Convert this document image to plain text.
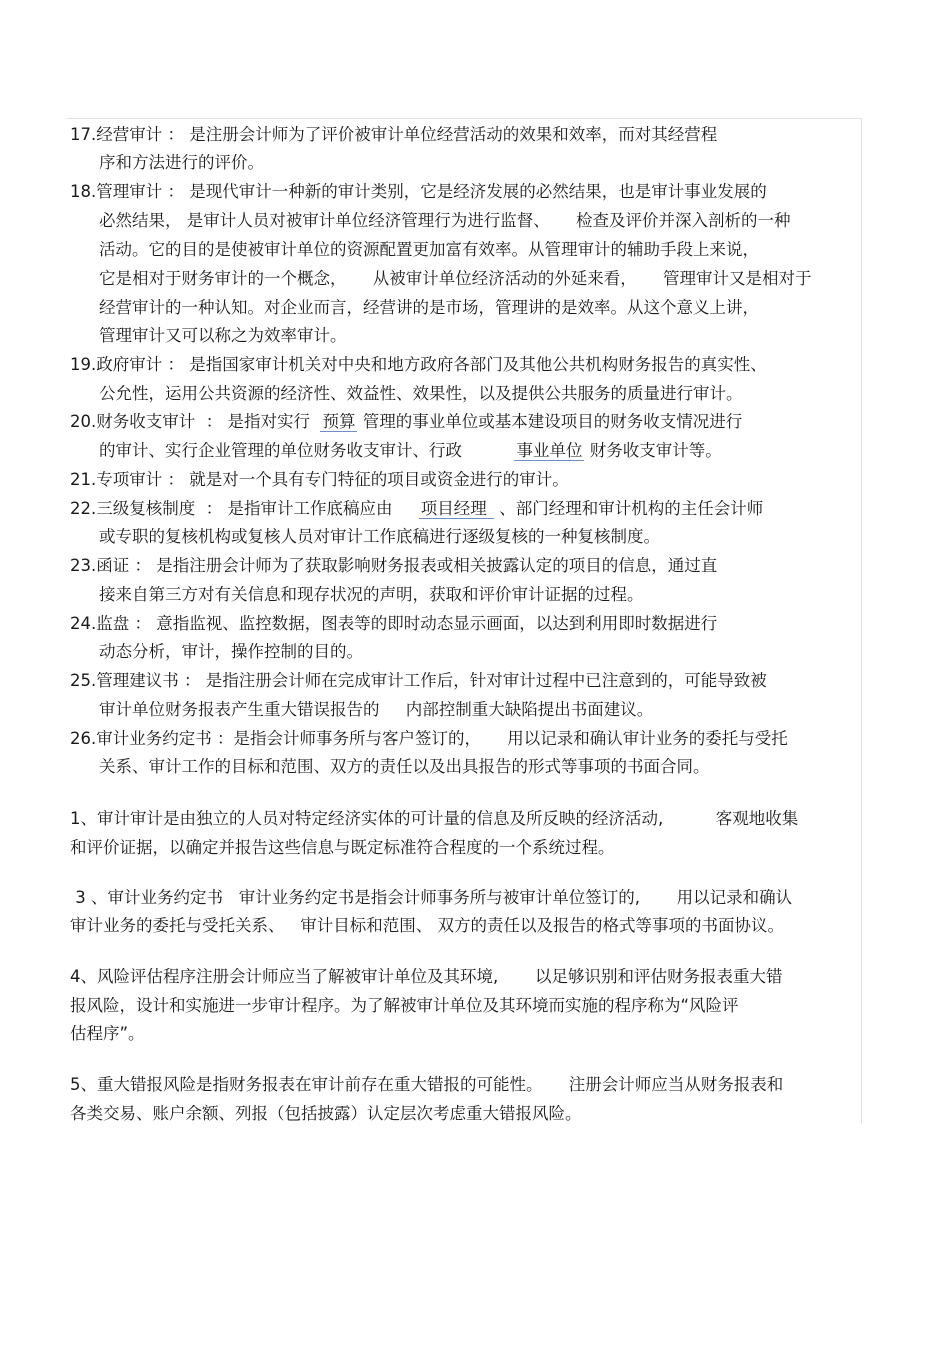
17.经营审计 ： 是注册会计师为了评价被审计单位经营活动的效果和效率，而对其经营程
序和方法进行的评价。
18.管理审计 ： 是现代审计一种新的审计类别，它是经济发展的必然结果，也是审计事业发展的
必然结果， 是审计人员对被审计单位经济管理行为进行监督、     检查及评价并深入剖析的一种
活动。它的目的是使被审计单位的资源配置更加富有效率。从管理审计的辅助手段上来说，
它是相对于财务审计的一个概念，     从被审计单位经济活动的外延来看，     管理审计又是相对于
经营审计的一种认知。对企业而言，经营讲的是市场，管理讲的是效率。从这个意义上讲，
管理审计又可以称之为效率审计。
19.政府审计 ： 是指国家审计机关对中央和地方政府各部门及其他公共机构财务报告的真实性、
公允性，运用公共资源的经济性、效益性、效果性，以及提供公共服务的质量进行审计。
20.财务收支审计  ： 是指对实行  预算 管理的事业单位或基本建设项目的财务收支情况进行
的审计、实行企业管理的单位财务收支审计、行政          事业单位 财务收支审计等。
21.专项审计 ： 就是对一个具有专门特征的项目或资金进行的审计。
22.三级复核制度  ： 是指审计工作底稿应由     项目经理  、部门经理和审计机构的主任会计师
或专职的复核机构或复核人员对审计工作底稿进行逐级复核的一种复核制度。
23.函证 ： 是指注册会计师为了获取影响财务报表或相关披露认定的项目的信息，通过直
接来自第三方对有关信息和现存状况的声明，获取和评价审计证据的过程。
24.监盘 ： 意指监视、监控数据，图表等的即时动态显示画面，以达到利用即时数据进行
动态分析，审计，操作控制的目的。
25.管理建议书 ： 是指注册会计师在完成审计工作后，针对审计过程中已注意到的，可能导致被
审计单位财务报表产生重大错误报告的     内部控制重大缺陷提出书面建议。
26.审计业务约定书 ：是指会计师事务所与客户签订的，     用以记录和确认审计业务的委托与受托
关系、审计工作的目标和范围、双方的责任以及出具报告的形式等事项的书面合同。
1、审计审计是由独立的人员对特定经济实体的可计量的信息及所反映的经济活动,          客观地收集
和评价证据，以确定并报告这些信息与既定标准符合程度的一个系统过程。
3 、审计业务约定书   审计业务约定书是指会计师事务所与被审计单位签订的,       用以记录和确认
审计业务的委托与受托关系、   审计目标和范围、 双方的责任以及报告的格式等事项的书面协议。
4、风险评估程序注册会计师应当了解被审计单位及其环境,       以足够识别和评估财务报表重大错
报风险，设计和实施进一步审计程序。为了解被审计单位及其环境而实施的程序称为“风险评
估程序”。
5、重大错报风险是指财务报表在审计前存在重大错报的可能性。     注册会计师应当从财务报表和
各类交易、账户余额、列报（包括披露）认定层次考虑重大错报风险。
